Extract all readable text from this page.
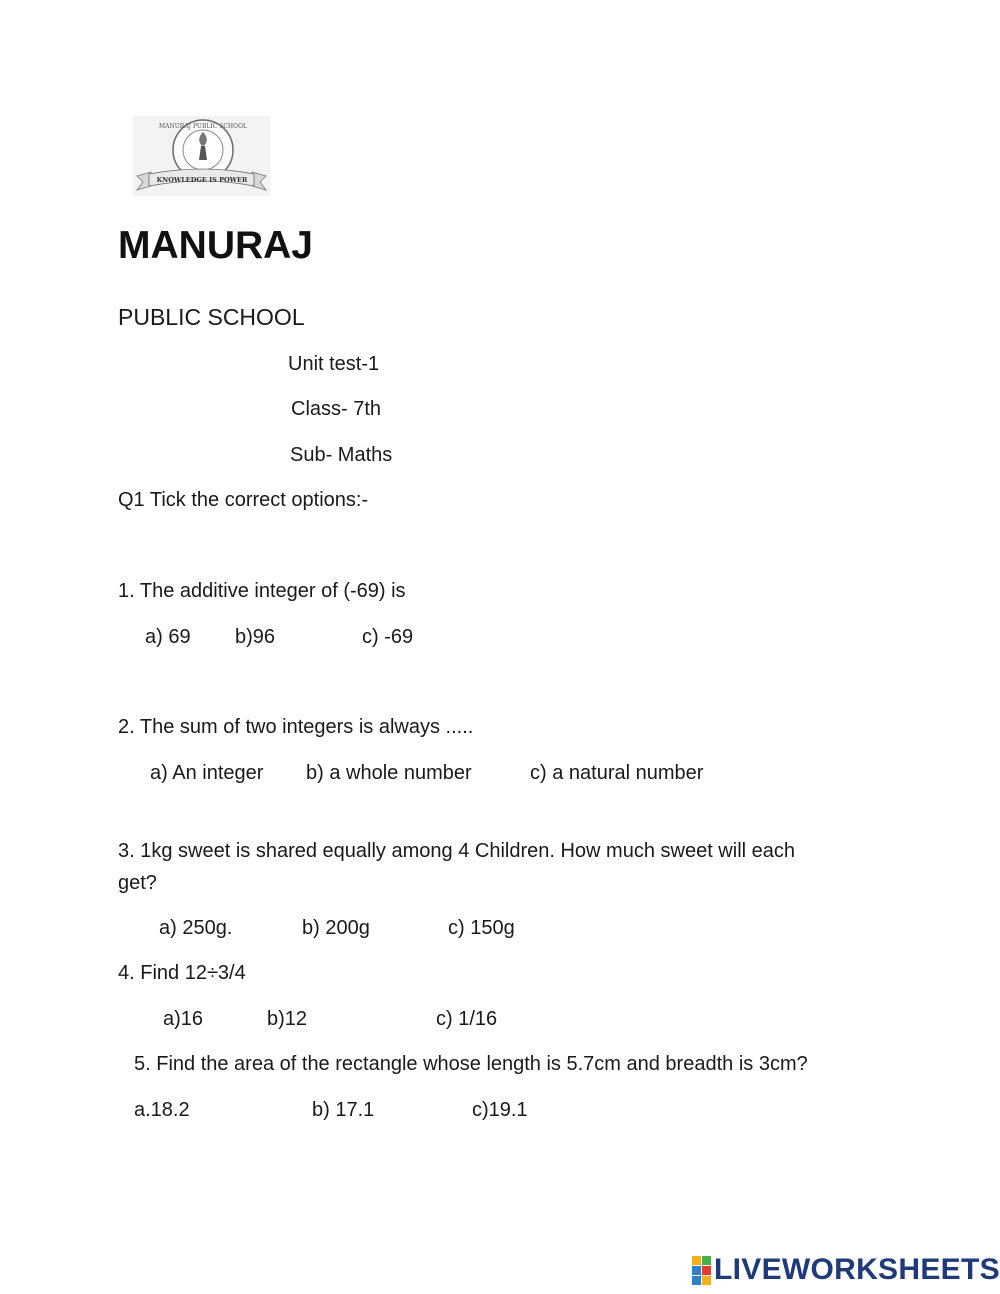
MANURAJ PUBLIC SCHOOL
KNOWLEDGE IS POWER
MANURAJ
PUBLIC SCHOOL
Unit test-1
Class- 7th
Sub- Maths
Q1 Tick the correct options:-
1. The additive integer of (-69) is
a) 69 b)96	c) -69
2. The sum of two integers is always .....
a) An integer b) a whole number	c) a natural number
3. 1kg sweet is shared equally among 4 Children. How much sweet will each
get?
a) 250g.	b) 200g	c) 150g
4. Find 12÷3/4
a)16	b)12	c) 1/16
5. Find the area of the rectangle whose length is 5.7cm and breadth is 3cm?
a.18.2	b) 17.1	c)19.1
LIVEWORKSHEETS
